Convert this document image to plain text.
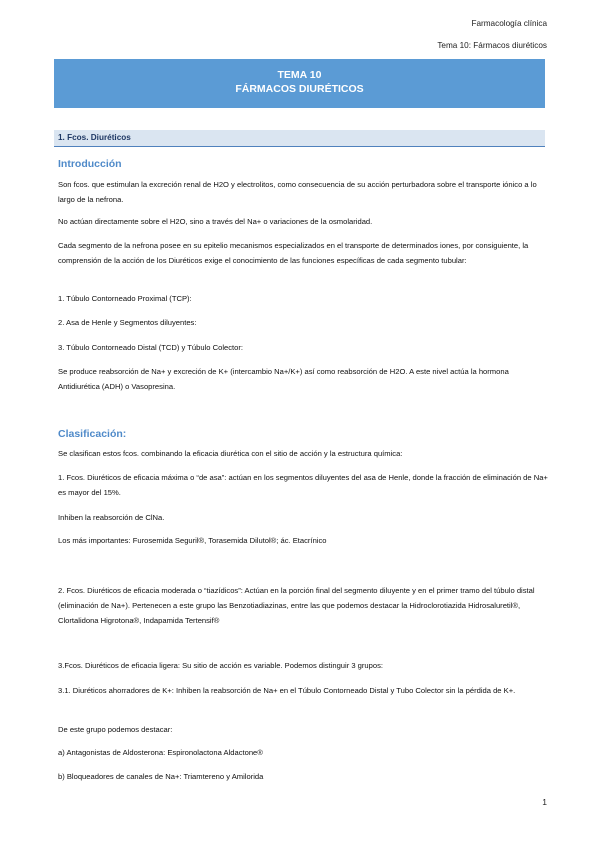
Farmacología clínica
Tema 10: Fármacos diuréticos
TEMA 10
FÁRMACOS DIURÉTICOS
1. Fcos. Diuréticos
Introducción
Son fcos. que estimulan la excreción renal de H2O y electrolitos, como consecuencia de su acción perturbadora sobre el transporte iónico a lo largo de la nefrona.
No actúan directamente sobre el H2O, sino a través del Na+ o variaciones de la osmolaridad.
Cada segmento de la nefrona posee en su epitelio mecanismos especializados en el transporte de determinados iones, por consiguiente, la comprensión de la acción de los Diuréticos exige el conocimiento de las funciones específicas de cada segmento tubular:
1. Túbulo Contorneado Proximal (TCP):
2. Asa de Henle y Segmentos diluyentes:
3. Túbulo Contorneado Distal (TCD) y Túbulo Colector:
Se produce reabsorción de Na+ y excreción de K+ (intercambio Na+/K+) así como reabsorción de H2O. A este nivel actúa la hormona Antidiurética (ADH) o Vasopresina.
Clasificación:
Se clasifican estos fcos. combinando la eficacia diurética con el sitio de acción y la estructura química:
1. Fcos. Diuréticos de eficacia máxima o “de asa”: actúan en los segmentos diluyentes del asa de Henle, donde la fracción de eliminación de Na+ es mayor del 15%.
Inhiben la reabsorción de ClNa.
Los más importantes: Furosemida Seguril®, Torasemida Dilutol®; ác. Etacrínico
2. Fcos. Diuréticos de eficacia moderada o “tiazídicos”: Actúan en la porción final del segmento diluyente y en el primer tramo del túbulo distal (eliminación de Na+). Pertenecen a este grupo las Benzotiadiazinas, entre las que podemos destacar la Hidroclorotiazida Hidrosaluretil®, Clortalidona Higrotona®, Indapamida Tertensif®
3.Fcos. Diuréticos de eficacia ligera: Su sitio de acción es variable. Podemos distinguir 3 grupos:
3.1. Diuréticos ahorradores de K+: Inhiben la reabsorción de Na+ en el Túbulo Contorneado Distal y Tubo Colector sin la pérdida de K+.
De este grupo podemos destacar:
a) Antagonistas de Aldosterona: Espironolactona Aldactone®
b) Bloqueadores de canales de Na+: Triamtereno y Amilorida
1
